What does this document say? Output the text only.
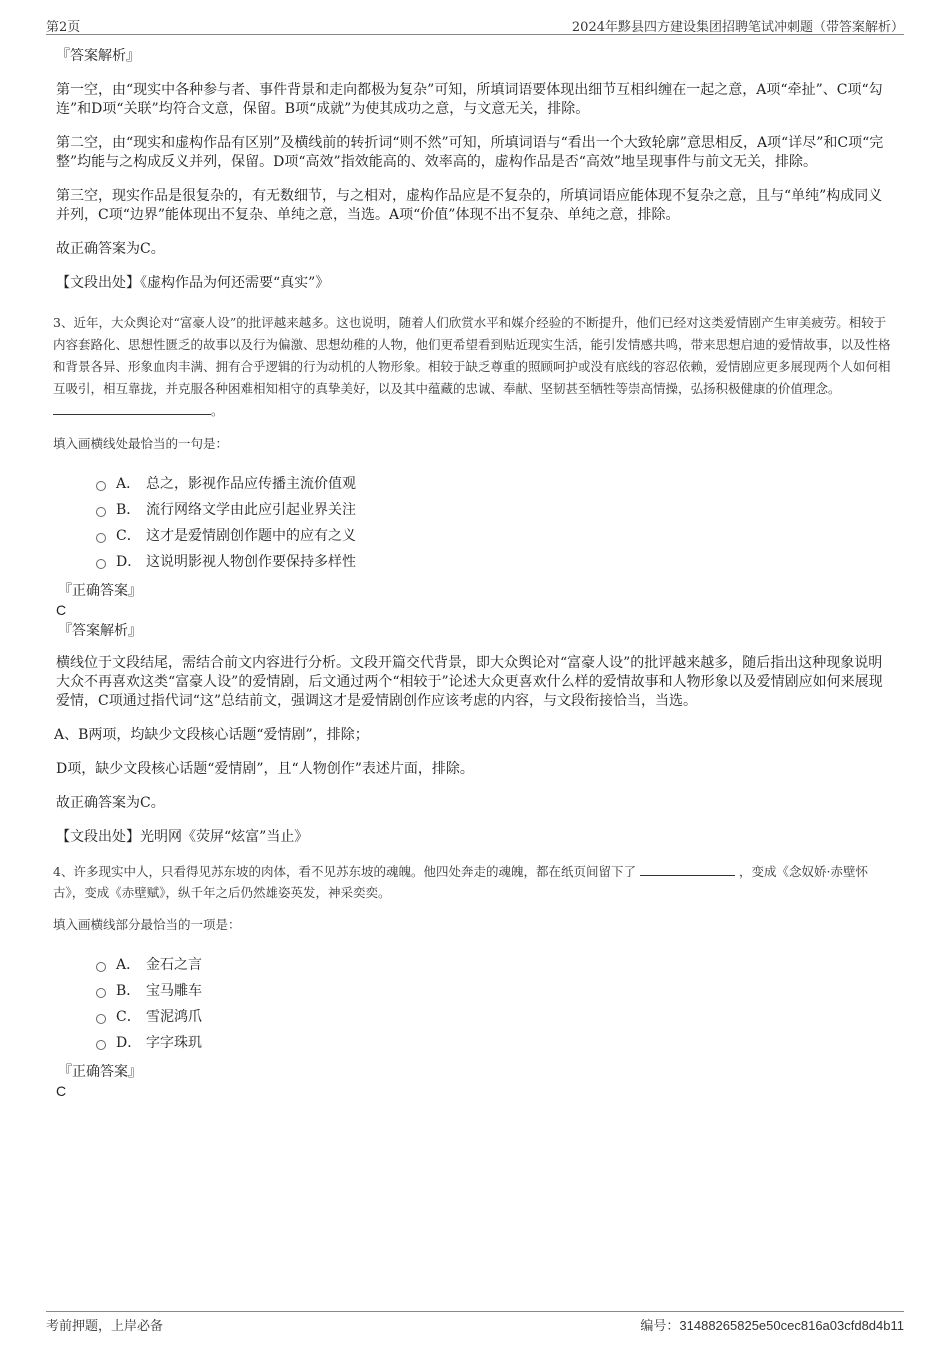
第2页	2024年黟县四方建设集团招聘笔试冲刺题（带答案解析）

『答案解析』

第一空，由“现实中各种参与者、事件背景和走向都极为复杂”可知，所填词语要体现出细节互相纠缠在一起之意，A项“牵扯”、C项“勾连”和D项“关联”均符合文意，保留。B项“成就”为使其成功之意，与文意无关，排除。

第二空，由“现实和虚构作品有区别”及横线前的转折词“则不然”可知，所填词语与“看出一个大致轮廓”意思相反，A项“详尽”和C项“完整”均能与之构成反义并列，保留。D项“高效”指效能高的、效率高的，虚构作品是否“高效”地呈现事件与前文无关，排除。

第三空，现实作品是很复杂的，有无数细节，与之相对，虚构作品应是不复杂的，所填词语应能体现不复杂之意，且与“单纯”构成同义并列，C项“边界”能体现出不复杂、单纯之意，当选。A项“价值”体现不出不复杂、单纯之意，排除。

故正确答案为C。

【文段出处】《虚构作品为何还需要“真实”》

3、近年，大众舆论对“富豪人设”的批评越来越多。这也说明，随着人们欣赏水平和媒介经验的不断提升，他们已经对这类爱情剧产生审美疲劳。相较于内容套路化、思想性匮乏的故事以及行为偏激、思想幼稚的人物，他们更希望看到贴近现实生活，能引发情感共鸣，带来思想启迪的爱情故事，以及性格和背景各异、形象血肉丰满、拥有合乎逻辑的行为动机的人物形象。相较于缺乏尊重的照顾呵护或没有底线的容忍依赖，爱情剧应更多展现两个人如何相互吸引，相互靠拢，并克服各种困难相知相守的真挚美好，以及其中蕴藏的忠诚、奉献、坚韧甚至牺牲等崇高情操，弘扬积极健康的价值理念。 。

填入画横线处最恰当的一句是：

A． 总之，影视作品应传播主流价值观
B． 流行网络文学由此应引起业界关注
C． 这才是爱情剧创作题中的应有之义
D． 这说明影视人物创作要保持多样性

『正确答案』

C

『答案解析』

横线位于文段结尾，需结合前文内容进行分析。文段开篇交代背景，即大众舆论对“富豪人设”的批评越来越多，随后指出这种现象说明大众不再喜欢这类“富豪人设”的爱情剧，后文通过两个“相较于”论述大众更喜欢什么样的爱情故事和人物形象以及爱情剧应如何来展现爱情，C项通过指代词“这”总结前文，强调这才是爱情剧创作应该考虑的内容，与文段衔接恰当，当选。

A、B两项，均缺少文段核心话题“爱情剧”，排除；

D项，缺少文段核心话题“爱情剧”，且“人物创作”表述片面，排除。

故正确答案为C。

【文段出处】光明网《荧屏“炫富”当止》

4、许多现实中人，只看得见苏东坡的肉体，看不见苏东坡的魂魄。他四处奔走的魂魄，都在纸页间留下了	，变成《念奴娇·赤壁怀古》，变成《赤壁赋》，纵千年之后仍然雄姿英发，神采奕奕。

填入画横线部分最恰当的一项是：

A． 金石之言
B． 宝马雕车
C． 雪泥鸿爪
D． 字字珠玑

『正确答案』

C

考前押题，上岸必备	编号：31488265825e50cec816a03cfd8d4b11
